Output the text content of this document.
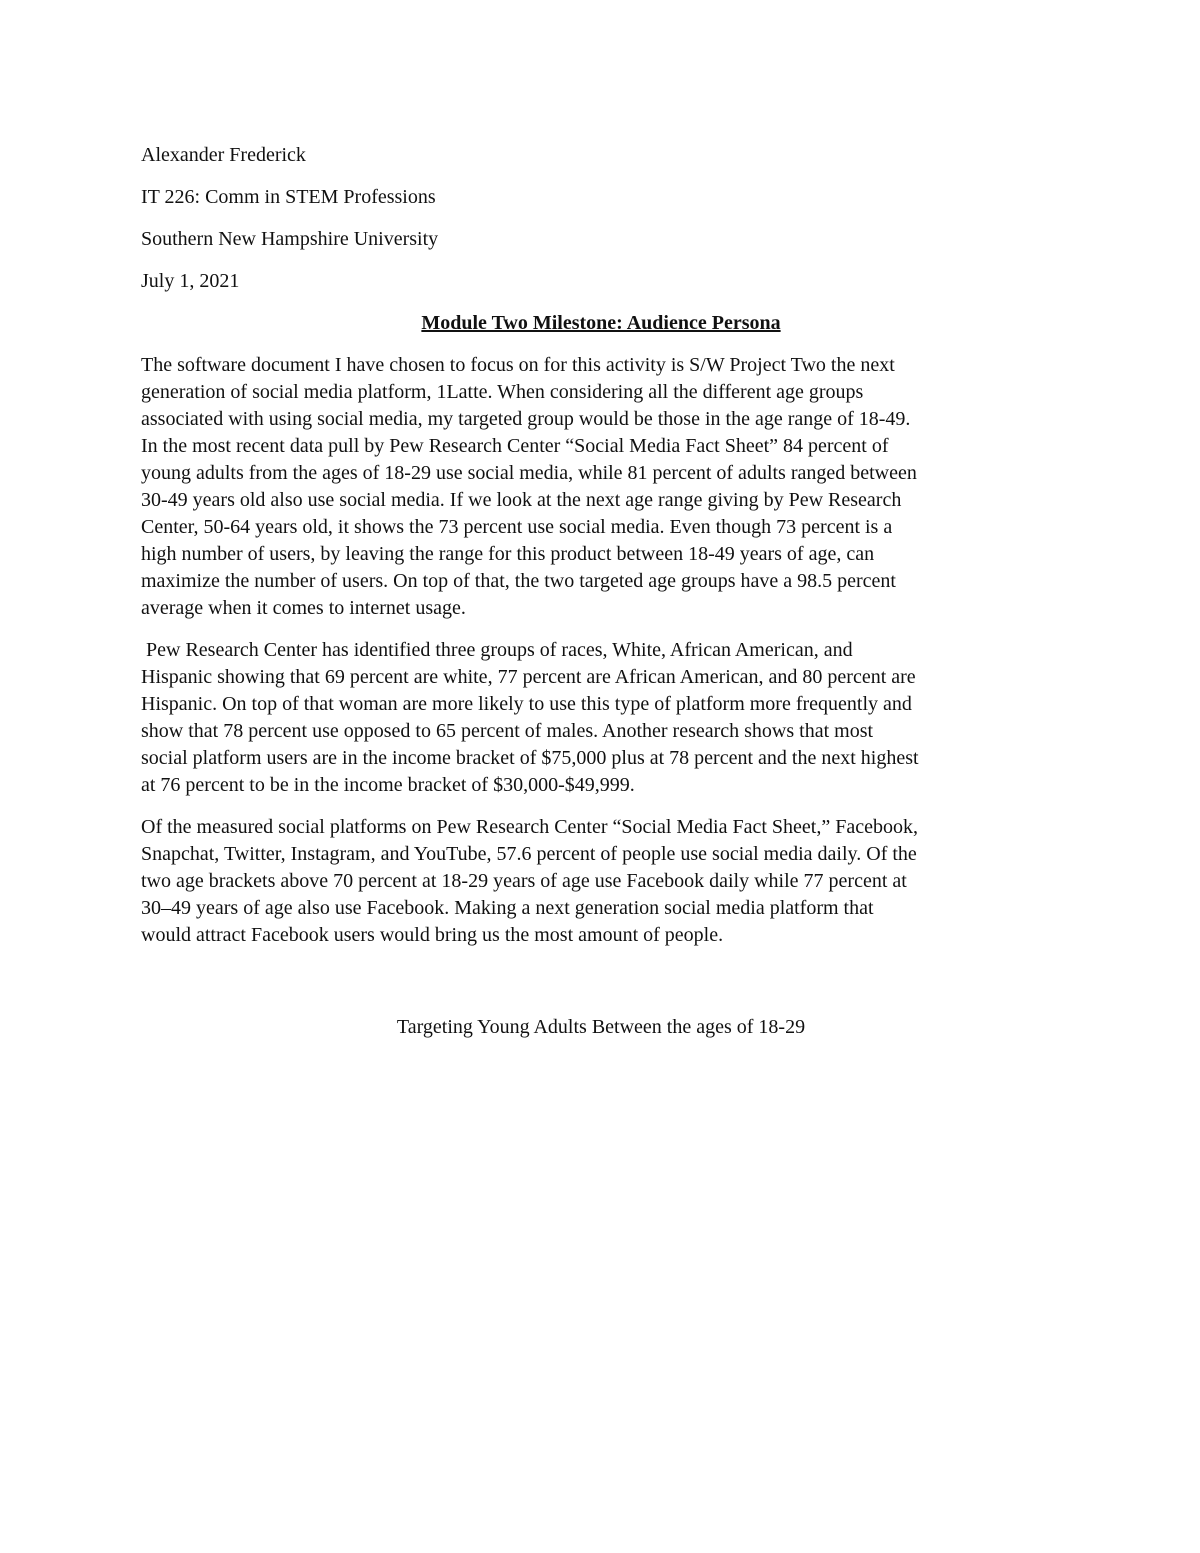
Alexander Frederick
IT 226: Comm in STEM Professions
Southern New Hampshire University
July 1, 2021
Module Two Milestone: Audience Persona
The software document I have chosen to focus on for this activity is S/W Project Two the next
generation of social media platform, 1Latte. When considering all the different age groups
associated with using social media, my targeted group would be those in the age range of 18-49.
In the most recent data pull by Pew Research Center “Social Media Fact Sheet” 84 percent of
young adults from the ages of 18-29 use social media, while 81 percent of adults ranged between
30-49 years old also use social media. If we look at the next age range giving by Pew Research
Center, 50-64 years old, it shows the 73 percent use social media. Even though 73 percent is a
high number of users, by leaving the range for this product between 18-49 years of age, can
maximize the number of users. On top of that, the two targeted age groups have a 98.5 percent
average when it comes to internet usage.
Pew Research Center has identified three groups of races, White, African American, and
Hispanic showing that 69 percent are white, 77 percent are African American, and 80 percent are
Hispanic. On top of that woman are more likely to use this type of platform more frequently and
show that 78 percent use opposed to 65 percent of males. Another research shows that most
social platform users are in the income bracket of $75,000 plus at 78 percent and the next highest
at 76 percent to be in the income bracket of $30,000-$49,999.
Of the measured social platforms on Pew Research Center “Social Media Fact Sheet,” Facebook,
Snapchat, Twitter, Instagram, and YouTube, 57.6 percent of people use social media daily. Of the
two age brackets above 70 percent at 18-29 years of age use Facebook daily while 77 percent at
30–49 years of age also use Facebook. Making a next generation social media platform that
would attract Facebook users would bring us the most amount of people.
Targeting Young Adults Between the ages of 18-29
